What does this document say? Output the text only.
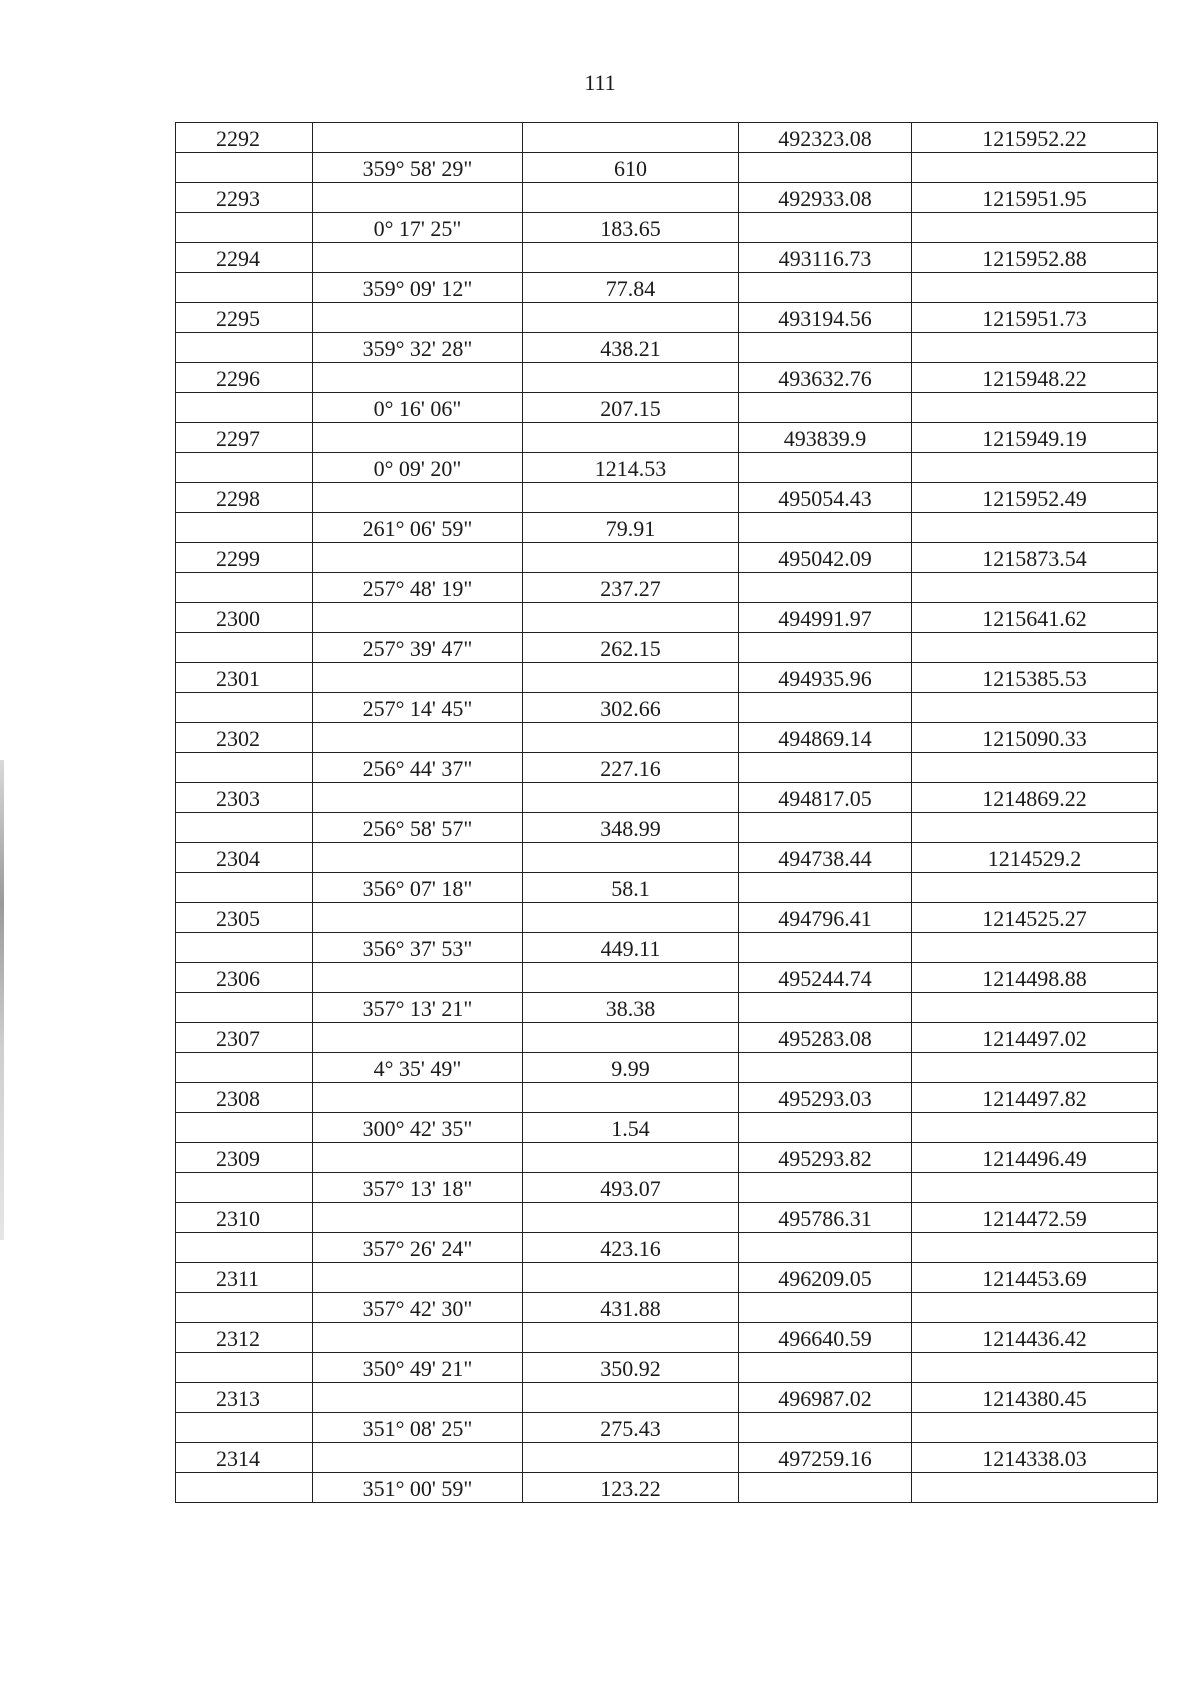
111
2292			492323.08	1215952.22
	359° 58' 29"	610		
2293			492933.08	1215951.95
	0° 17' 25"	183.65		
2294			493116.73	1215952.88
	359° 09' 12"	77.84		
2295			493194.56	1215951.73
	359° 32' 28"	438.21		
2296			493632.76	1215948.22
	0° 16' 06"	207.15		
2297			493839.9	1215949.19
	0° 09' 20"	1214.53		
2298			495054.43	1215952.49
	261° 06' 59"	79.91		
2299			495042.09	1215873.54
	257° 48' 19"	237.27		
2300			494991.97	1215641.62
	257° 39' 47"	262.15		
2301			494935.96	1215385.53
	257° 14' 45"	302.66		
2302			494869.14	1215090.33
	256° 44' 37"	227.16		
2303			494817.05	1214869.22
	256° 58' 57"	348.99		
2304			494738.44	1214529.2
	356° 07' 18"	58.1		
2305			494796.41	1214525.27
	356° 37' 53"	449.11		
2306			495244.74	1214498.88
	357° 13' 21"	38.38		
2307			495283.08	1214497.02
	4° 35' 49"	9.99		
2308			495293.03	1214497.82
	300° 42' 35"	1.54		
2309			495293.82	1214496.49
	357° 13' 18"	493.07		
2310			495786.31	1214472.59
	357° 26' 24"	423.16		
2311			496209.05	1214453.69
	357° 42' 30"	431.88		
2312			496640.59	1214436.42
	350° 49' 21"	350.92		
2313			496987.02	1214380.45
	351° 08' 25"	275.43		
2314			497259.16	1214338.03
	351° 00' 59"	123.22		
